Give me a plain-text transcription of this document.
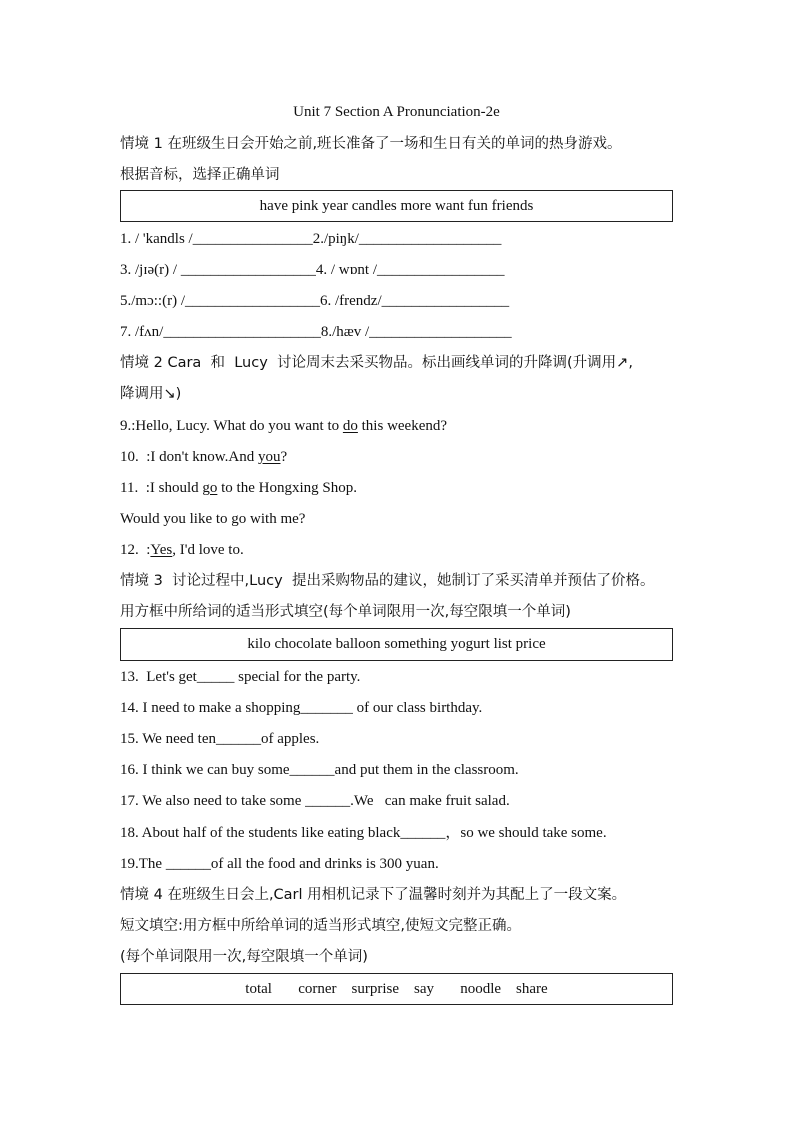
Unit 7 Section A Pronunciation-2e
情境 1 在班级生日会开始之前,班长准备了一场和生日有关的单词的热身游戏。
根据音标，选择正确单词
have pink year candles more want fun friends
1. / 'kandls /________________2./piŋk/___________________
3. /jɪə(r) / __________________4. / wɒnt /_________________
5./mɔ::(r) /__________________6. /frendz/_________________
7. /fʌn/_____________________8./hæv /___________________
情境 2 Cara  和  Lucy  讨论周末去采买物品。标出画线单词的升降调(升调用↗,
降调用↘)
9.:Hello, Lucy. What do you want to do this weekend?
10.  :I don't know.And you?
11.  :I should go to the Hongxing Shop.
Would you like to go with me?
12.  :Yes, I'd love to.
情境 3  讨论过程中,Lucy  提出采购物品的建议，她制订了采买清单并预估了价格。
用方框中所给词的适当形式填空(每个单词限用一次,每空限填一个单词)
kilo chocolate balloon something yogurt list price
13.  Let's get_____ special for the party.
14. I need to make a shopping_______ of our class birthday.
15. We need ten______of apples.
16. I think we can buy some______and put them in the classroom.
17. We also need to take some ______.We   can make fruit salad.
18. About half of the students like eating black______，so we should take some.
19.The ______of all the food and drinks is 300 yuan.
情境 4 在班级生日会上,Carl 用相机记录下了温馨时刻并为其配上了一段文案。
短文填空:用方框中所给单词的适当形式填空,使短文完整正确。
(每个单词限用一次,每空限填一个单词)
total       corner    surprise    say       noodle    share
